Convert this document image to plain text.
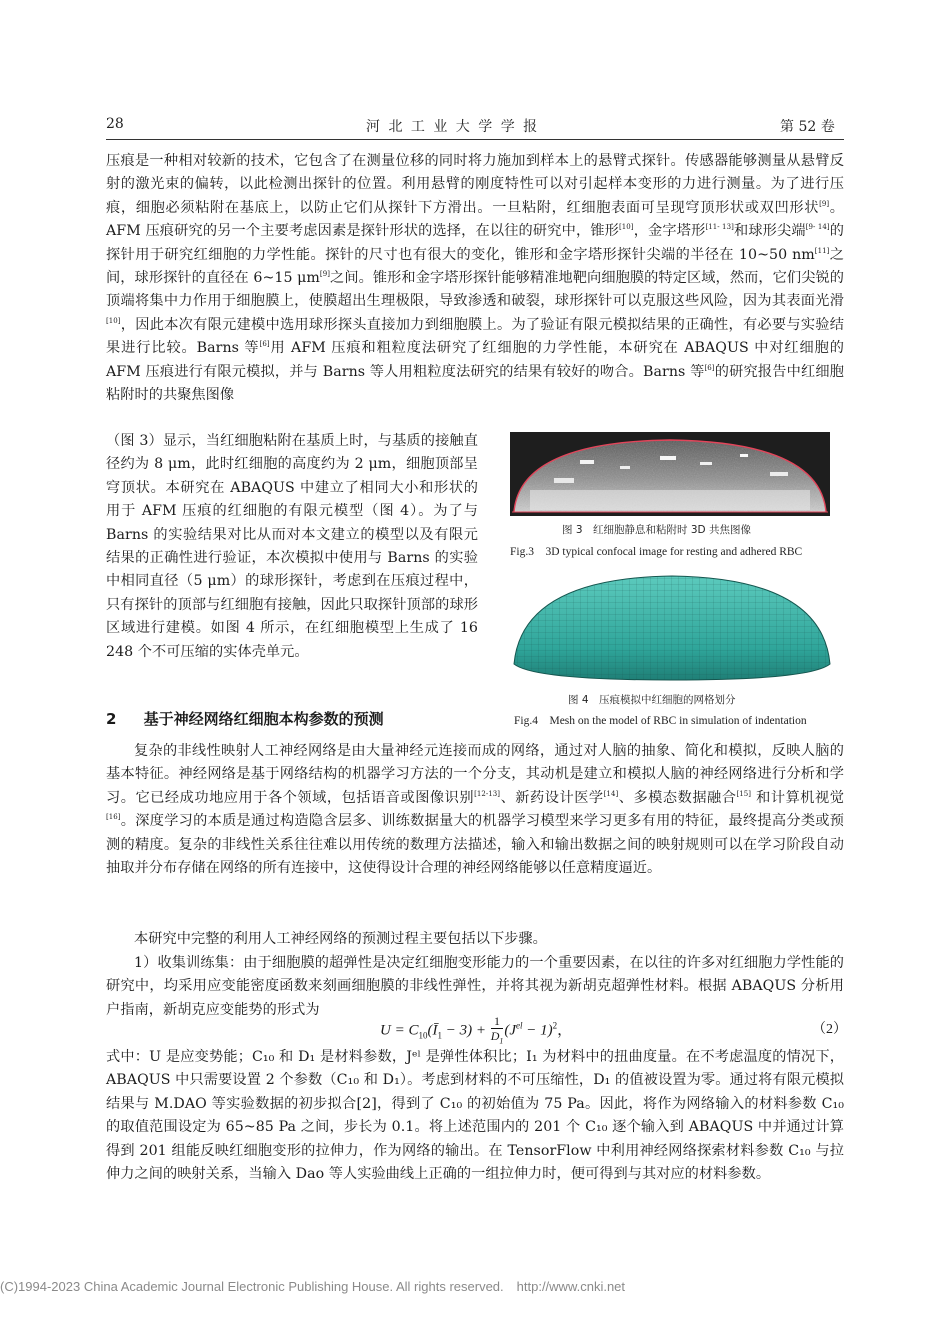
28	河 北 工 业 大 学 学 报	第 52 卷
压痕是一种相对较新的技术，它包含了在测量位移的同时将力施加到样本上的悬臂式探针。传感器能够测量从悬臂反射的激光束的偏转，以此检测出探针的位置。利用悬臂的刚度特性可以对引起样本变形的力进行测量。为了进行压痕，细胞必须粘附在基底上，以防止它们从探针下方滑出。一旦粘附，红细胞表面可呈现穹顶形状或双凹形状[9]。AFM 压痕研究的另一个主要考虑因素是探针形状的选择，在以往的研究中，锥形[10]，金字塔形[11- 13]和球形尖端[9- 14]的探针用于研究红细胞的力学性能。探针的尺寸也有很大的变化，锥形和金字塔形探针尖端的半径在 10~50 nm[11]之间，球形探针的直径在 6~15 μm[9]之间。锥形和金字塔形探针能够精准地靶向细胞膜的特定区域，然而，它们尖锐的顶端将集中力作用于细胞膜上，使膜超出生理极限，导致渗透和破裂，球形探针可以克服这些风险，因为其表面光滑[10]，因此本次有限元建模中选用球形探头直接加力到细胞膜上。为了验证有限元模拟结果的正确性，有必要与实验结果进行比较。Barns 等[6]用 AFM 压痕和粗粒度法研究了红细胞的力学性能，本研究在 ABAQUS 中对红细胞的 AFM 压痕进行有限元模拟，并与 Barns 等人用粗粒度法研究的结果有较好的吻合。Barns 等[6]的研究报告中红细胞粘附时的共聚焦图像
（图 3）显示，当红细胞粘附在基质上时，与基质的接触直径约为 8 μm，此时红细胞的高度约为 2 μm，细胞顶部呈穹顶状。本研究在 ABAQUS 中建立了相同大小和形状的用于 AFM 压痕的红细胞的有限元模型（图 4）。为了与 Barns 的实验结果对比从而对本文建立的模型以及有限元结果的正确性进行验证，本次模拟中使用与 Barns 的实验中相同直径（5 μm）的球形探针，考虑到在压痕过程中，只有探针的顶部与红细胞有接触，因此只取探针顶部的球形区域进行建模。如图 4 所示，在红细胞模型上生成了 16 248 个不可压缩的实体壳单元。
图 3　红细胞静息和粘附时 3D 共焦图像
Fig.3　3D typical confocal image for resting and adhered RBC
图 4　压痕模拟中红细胞的网格划分
Fig.4　Mesh on the model of RBC in simulation of indentation
2 基于神经网络红细胞本构参数的预测
复杂的非线性映射人工神经网络是由大量神经元连接而成的网络，通过对人脑的抽象、简化和模拟，反映人脑的基本特征。神经网络是基于网络结构的机器学习方法的一个分支，其动机是建立和模拟人脑的神经网络进行分析和学习。它已经成功地应用于各个领域，包括语音或图像识别[12-13]、新药设计医学[14]、多模态数据融合[15] 和计算机视觉[16]。深度学习的本质是通过构造隐含层多、训练数据量大的机器学习模型来学习更多有用的特征，最终提高分类或预测的精度。复杂的非线性关系往往难以用传统的数理方法描述，输入和输出数据之间的映射规则可以在学习阶段自动抽取并分布存储在网络的所有连接中，这使得设计合理的神经网络能够以任意精度逼近。
本研究中完整的利用人工神经网络的预测过程主要包括以下步骤。
1）收集训练集：由于细胞膜的超弹性是决定红细胞变形能力的一个重要因素，在以往的许多对红细胞力学性能的研究中，均采用应变能密度函数来刻画细胞膜的非线性弹性，并将其视为新胡克超弹性材料。根据 ABAQUS 分析用户指南，新胡克应变能势的形式为
$U = C_{10}(Ī_1 - 3) + \frac{1}{D_1} (J^{el} - 1)^2$，	（2）
式中：U 是应变势能；C₁₀ 和 D₁ 是材料参数，Jᵉˡ 是弹性体积比；I₁ 为材料中的扭曲度量。在不考虑温度的情况下，ABAQUS 中只需要设置 2 个参数（C₁₀ 和 D₁）。考虑到材料的不可压缩性，D₁ 的值被设置为零。通过将有限元模拟结果与 M.DAO 等实验数据的初步拟合[2]，得到了 C₁₀ 的初始值为 75 Pa。因此，将作为网络输入的材料参数 C₁₀ 的取值范围设定为 65~85 Pa 之间，步长为 0.1。将上述范围内的 201 个 C₁₀ 逐个输入到 ABAQUS 中并通过计算得到 201 组能反映红细胞变形的拉伸力，作为网络的输出。在 TensorFlow 中利用神经网络探索材料参数 C₁₀ 与拉伸力之间的映射关系，当输入 Dao 等人实验曲线上正确的一组拉伸力时，便可得到与其对应的材料参数。
(C)1994-2023 China Academic Journal Electronic Publishing House. All rights reserved.　http://www.cnki.net
